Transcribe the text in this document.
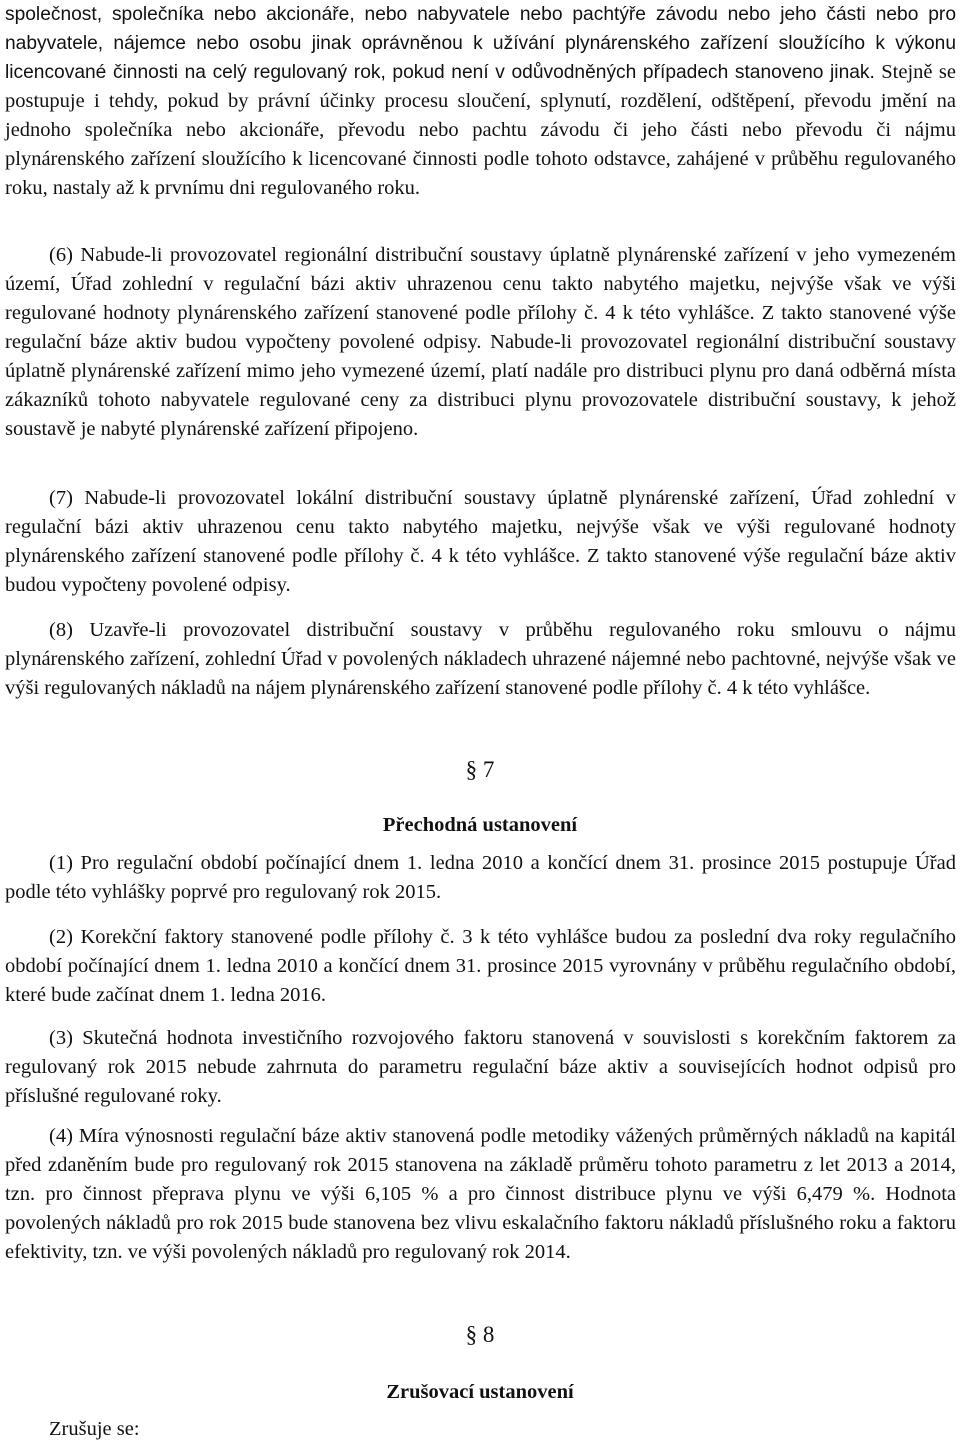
společnost, společníka nebo akcionáře, nebo nabyvatele nebo pachtýře závodu nebo jeho části nebo pro nabyvatele, nájemce nebo osobu jinak oprávněnou k užívání plynárenského zařízení sloužícího k výkonu licencované činnosti na celý regulovaný rok, pokud není v odůvodněných případech stanoveno jinak. Stejně se postupuje i tehdy, pokud by právní účinky procesu sloučení, splynutí, rozdělení, odštěpení, převodu jmění na jednoho společníka nebo akcionáře, převodu nebo pachtu závodu či jeho části nebo převodu či nájmu plynárenského zařízení sloužícího k licencované činnosti podle tohoto odstavce, zahájené v průběhu regulovaného roku, nastaly až k prvnímu dni regulovaného roku.

(6) Nabude-li provozovatel regionální distribuční soustavy úplatně plynárenské zařízení v jeho vymezeném území, Úřad zohlední v regulační bázi aktiv uhrazenou cenu takto nabytého majetku, nejvýše však ve výši regulované hodnoty plynárenského zařízení stanovené podle přílohy č. 4 k této vyhlášce. Z takto stanovené výše regulační báze aktiv budou vypočteny povolené odpisy. Nabude-li provozovatel regionální distribuční soustavy úplatně plynárenské zařízení mimo jeho vymezené území, platí nadále pro distribuci plynu pro daná odběrná místa zákazníků tohoto nabyvatele regulované ceny za distribuci plynu provozovatele distribuční soustavy, k jehož soustavě je nabyté plynárenské zařízení připojeno.

(7) Nabude-li provozovatel lokální distribuční soustavy úplatně plynárenské zařízení, Úřad zohlední v regulační bázi aktiv uhrazenou cenu takto nabytého majetku, nejvýše však ve výši regulované hodnoty plynárenského zařízení stanovené podle přílohy č. 4 k této vyhlášce. Z takto stanovené výše regulační báze aktiv budou vypočteny povolené odpisy.

(8) Uzavře-li provozovatel distribuční soustavy v průběhu regulovaného roku smlouvu o nájmu plynárenského zařízení, zohlední Úřad v povolených nákladech uhrazené nájemné nebo pachtovné, nejvýše však ve výši regulovaných nákladů na nájem plynárenského zařízení stanovené podle přílohy č. 4 k této vyhlášce.

§ 7

Přechodná ustanovení

(1) Pro regulační období počínající dnem 1. ledna 2010 a končící dnem 31. prosince 2015 postupuje Úřad podle této vyhlášky poprvé pro regulovaný rok 2015.

(2) Korekční faktory stanovené podle přílohy č. 3 k této vyhlášce budou za poslední dva roky regulačního období počínající dnem 1. ledna 2010 a končící dnem 31. prosince 2015 vyrovnány v průběhu regulačního období, které bude začínat dnem 1. ledna 2016.

(3) Skutečná hodnota investičního rozvojového faktoru stanovená v souvislosti s korekčním faktorem za regulovaný rok 2015 nebude zahrnuta do parametru regulační báze aktiv a souvisejících hodnot odpisů pro příslušné regulované roky.

(4) Míra výnosnosti regulační báze aktiv stanovená podle metodiky vážených průměrných nákladů na kapitál před zdaněním bude pro regulovaný rok 2015 stanovena na základě průměru tohoto parametru z let 2013 a 2014, tzn. pro činnost přeprava plynu ve výši 6,105 % a pro činnost distribuce plynu ve výši 6,479 %. Hodnota povolených nákladů pro rok 2015 bude stanovena bez vlivu eskalačního faktoru nákladů příslušného roku a faktoru efektivity, tzn. ve výši povolených nákladů pro regulovaný rok 2014.

§ 8

Zrušovací ustanovení

Zrušuje se:
